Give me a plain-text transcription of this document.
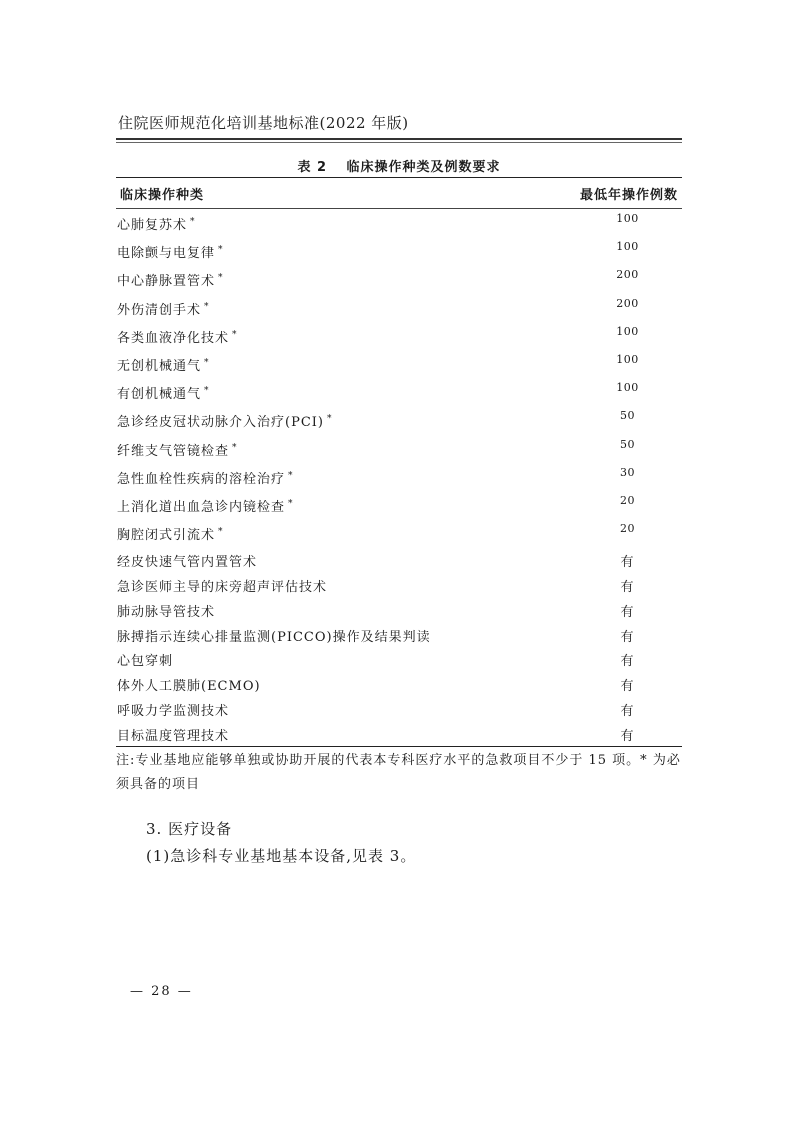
住院医师规范化培训基地标准(2022 年版)
表 2 临床操作种类及例数要求
临床操作种类	最低年操作例数
心肺复苏术 *	100
电除颤与电复律 *	100
中心静脉置管术 *	200
外伤清创手术 *	200
各类血液净化技术 *	100
无创机械通气 *	100
有创机械通气 *	100
急诊经皮冠状动脉介入治疗(PCI) *	50
纤维支气管镜检查 *	50
急性血栓性疾病的溶栓治疗 *	30
上消化道出血急诊内镜检查 *	20
胸腔闭式引流术 *	20
经皮快速气管内置管术	有
急诊医师主导的床旁超声评估技术	有
肺动脉导管技术	有
脉搏指示连续心排量监测(PICCO)操作及结果判读	有
心包穿刺	有
体外人工膜肺(ECMO)	有
呼吸力学监测技术	有
目标温度管理技术	有
注:专业基地应能够单独或协助开展的代表本专科医疗水平的急救项目不少于 15 项。* 为必须具备的项目
3. 医疗设备
(1)急诊科专业基地基本设备,见表 3。
— 28 —
